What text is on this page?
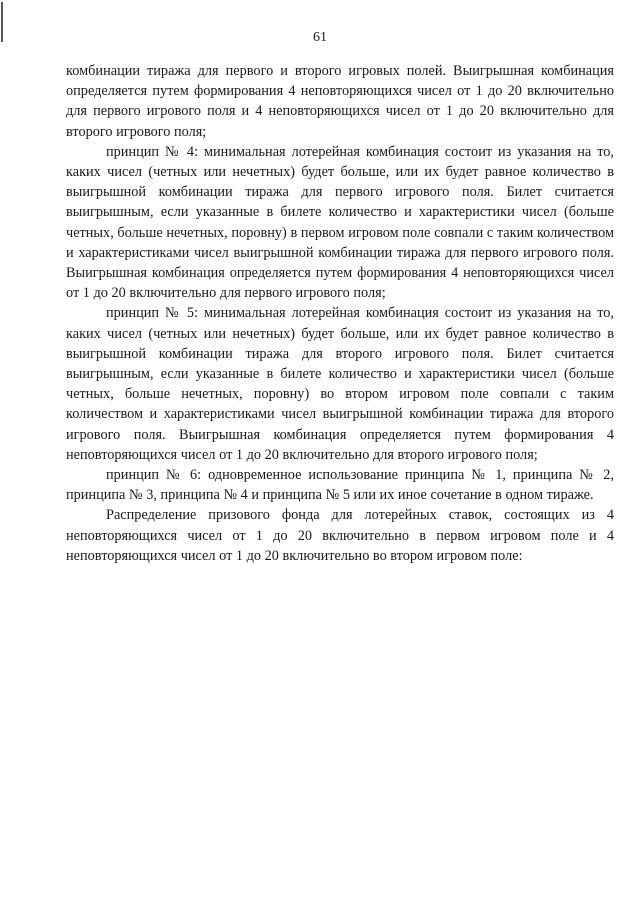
61

комбинации тиража для первого и второго игровых полей. Выигрышная комбинация определяется путем формирования 4 неповторяющихся чисел от 1 до 20 включительно для первого игрового поля и 4 неповторяющихся чисел от 1 до 20 включительно для второго игрового поля;

принцип № 4: минимальная лотерейная комбинация состоит из указания на то, каких чисел (четных или нечетных) будет больше, или их будет равное количество в выигрышной комбинации тиража для первого игрового поля. Билет считается выигрышным, если указанные в билете количество и характеристики чисел (больше четных, больше нечетных, поровну) в первом игровом поле совпали с таким количеством и характеристиками чисел выигрышной комбинации тиража для первого игрового поля. Выигрышная комбинация определяется путем формирования 4 неповторяющихся чисел от 1 до 20 включительно для первого игрового поля;

принцип № 5: минимальная лотерейная комбинация состоит из указания на то, каких чисел (четных или нечетных) будет больше, или их будет равное количество в выигрышной комбинации тиража для второго игрового поля. Билет считается выигрышным, если указанные в билете количество и характеристики чисел (больше четных, больше нечетных, поровну) во втором игровом поле совпали с таким количеством и характеристиками чисел выигрышной комбинации тиража для второго игрового поля. Выигрышная комбинация определяется путем формирования 4 неповторяющихся чисел от 1 до 20 включительно для второго игрового поля;

принцип № 6: одновременное использование принципа № 1, принципа № 2, принципа № 3, принципа № 4 и принципа № 5 или их иное сочетание в одном тираже.

Распределение призового фонда для лотерейных ставок, состоящих из 4 неповторяющихся чисел от 1 до 20 включительно в первом игровом поле и 4 неповторяющихся чисел от 1 до 20 включительно во втором игровом поле:
